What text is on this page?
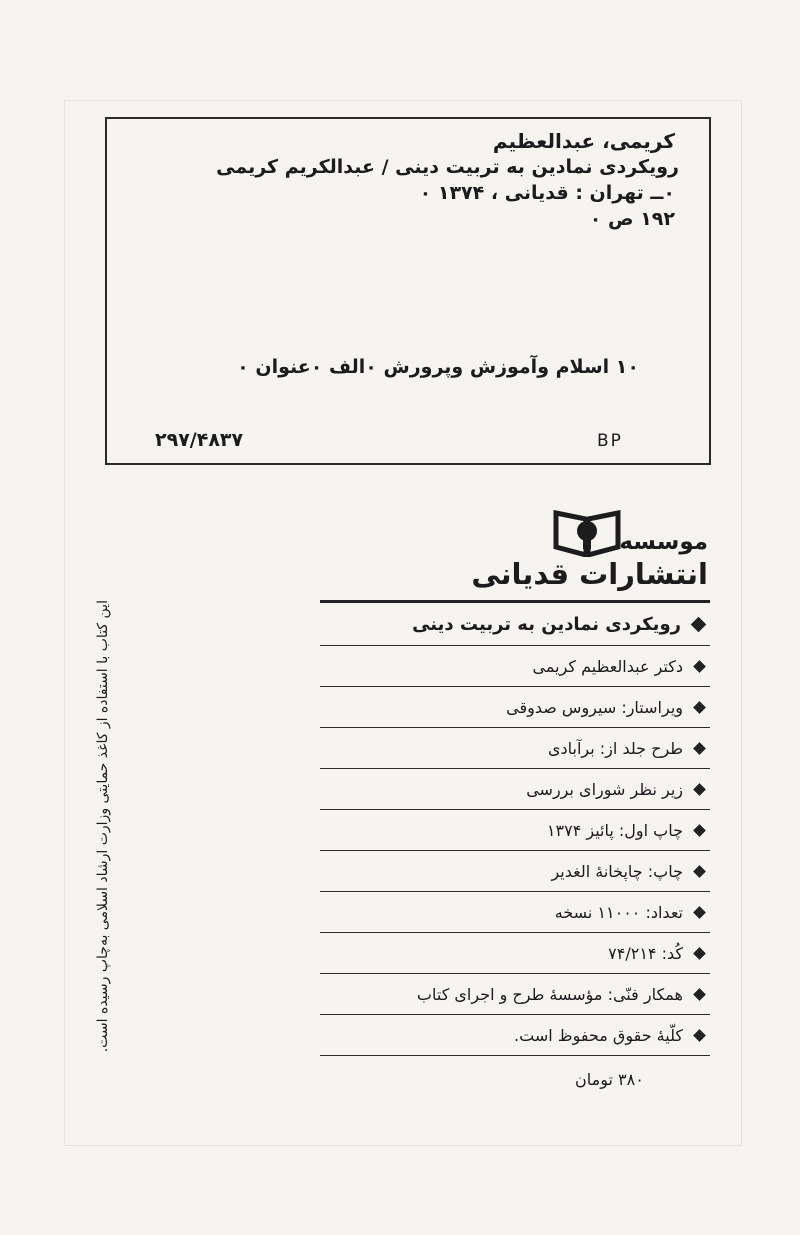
کریمی، عبدالعظیم
رویکردی نمادین به تربیت دینی / عبدالکریم کریمی
۰ــ تهران : قدیانی ، ۱۳۷۴ ۰
۱۹۲ ص ۰
۱۰ اسلام وآموزش وپرورش ۰الف ۰عنوان ۰
۲۹۷/۴۸۳۷	BP
موسسه
انتشارات قدیانی
رویکردی نمادین به تربیت دینی
دکتر عبدالعظیم کریمی
ویراستار: سیروس صدوقی
طرح جلد از: برآبادی
زیر نظر شورای بررسی
چاپ اول: پائیز ۱۳۷۴
چاپ: چاپخانهٔ الغدیر
تعداد: ۱۱۰۰۰ نسخه
کُد: ۷۴/۲۱۴
همکار فنّی: مؤسسهٔ طرح و اجرای کتاب
کلّیهٔ حقوق محفوظ است.
۳۸۰ تومان
این کتاب با استفاده از کاغذ حمایتی وزارت ارشاد اسلامی به‌چاپ رسیده است.
